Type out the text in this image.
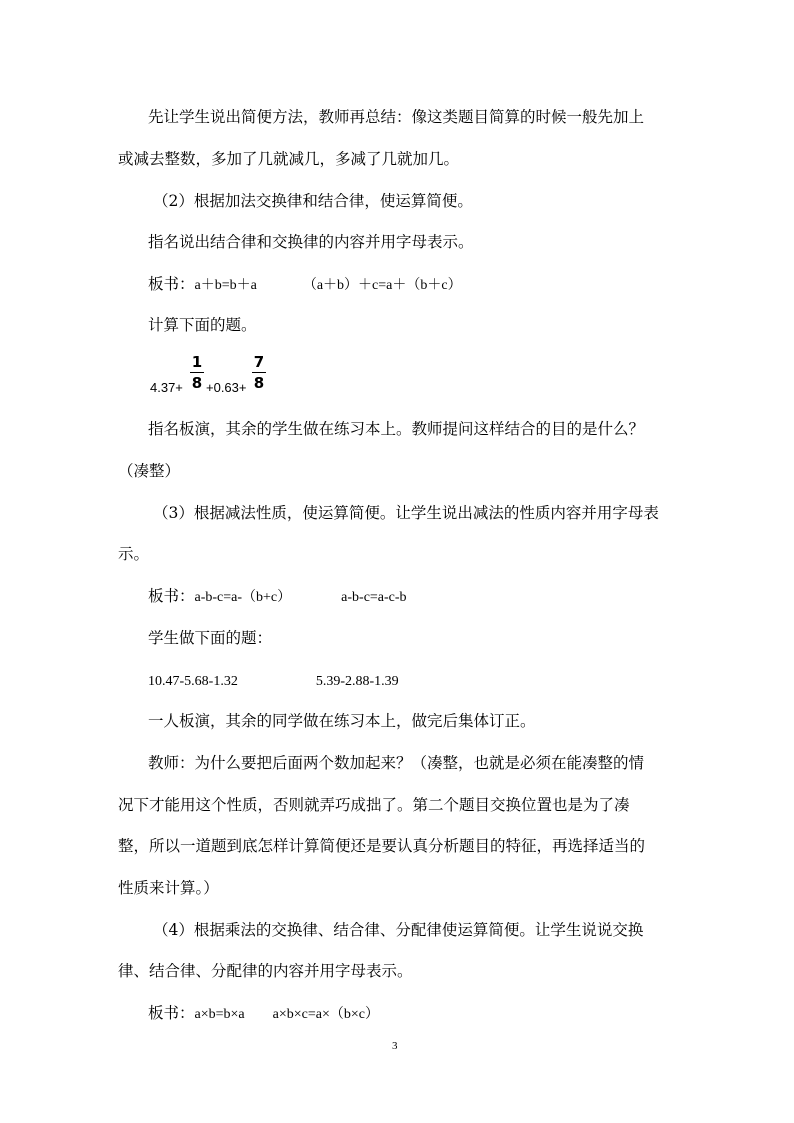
先让学生说出简便方法，教师再总结：像这类题目简算的时候一般先加上
或减去整数，多加了几就减几，多减了几就加几。
（2）根据加法交换律和结合律，使运算简便。
指名说出结合律和交换律的内容并用字母表示。
板书：a＋b=b＋a	（a＋b）＋c=a＋（b＋c）
计算下面的题。
4.37+
1
8 +0.63+
7
8
指名板演，其余的学生做在练习本上。教师提问这样结合的目的是什么？
（凑整）
（3）根据减法性质，使运算简便。让学生说出减法的性质内容并用字母表
示。
板书：a-b-c=a-（b+c）	a-b-c=a-c-b
学生做下面的题：
10.47-5.68-1.32	5.39-2.88-1.39
一人板演，其余的同学做在练习本上，做完后集体订正。
教师：为什么要把后面两个数加起来？（凑整，也就是必须在能凑整的情
况下才能用这个性质，否则就弄巧成拙了。第二个题目交换位置也是为了凑
整，所以一道题到底怎样计算简便还是要认真分析题目的特征，再选择适当的
性质来计算。）
（4）根据乘法的交换律、结合律、分配律使运算简便。让学生说说交换
律、结合律、分配律的内容并用字母表示。
板书：a×b=b×a a×b×c=a×（b×c）
3
